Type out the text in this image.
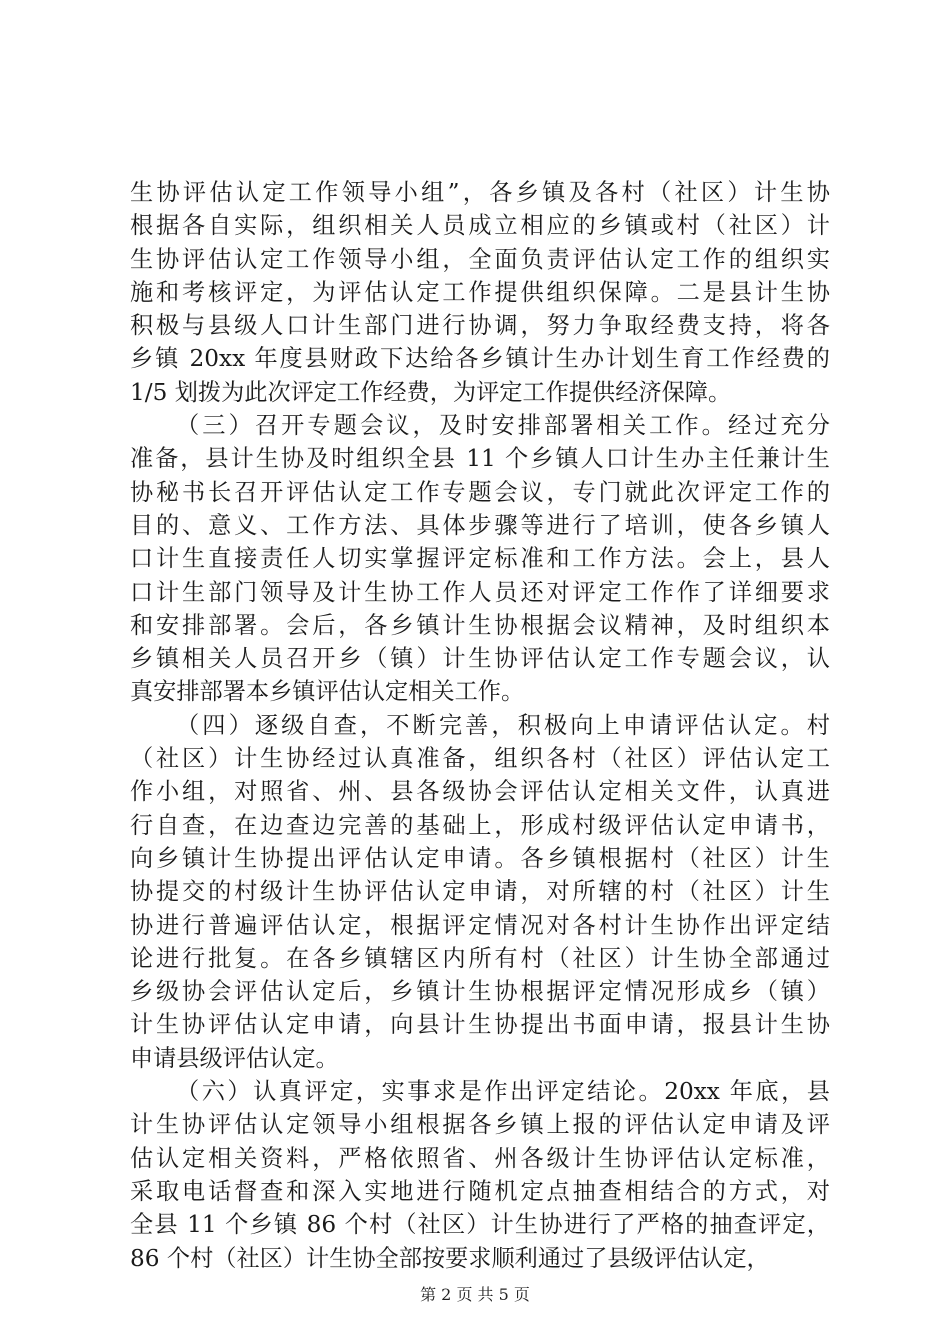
生协评估认定工作领导小组”，各乡镇及各村（社区）计生协
根据各自实际，组织相关人员成立相应的乡镇或村（社区）计
生协评估认定工作领导小组，全面负责评估认定工作的组织实
施和考核评定，为评估认定工作提供组织保障。二是县计生协
积极与县级人口计生部门进行协调，努力争取经费支持，将各
乡镇 20xx 年度县财政下达给各乡镇计生办计划生育工作经费的
1/5 划拨为此次评定工作经费，为评定工作提供经济保障。
（三）召开专题会议，及时安排部署相关工作。经过充分
准备，县计生协及时组织全县 11 个乡镇人口计生办主任兼计生
协秘书长召开评估认定工作专题会议，专门就此次评定工作的
目的、意义、工作方法、具体步骤等进行了培训，使各乡镇人
口计生直接责任人切实掌握评定标准和工作方法。会上，县人
口计生部门领导及计生协工作人员还对评定工作作了详细要求
和安排部署。会后，各乡镇计生协根据会议精神，及时组织本
乡镇相关人员召开乡（镇）计生协评估认定工作专题会议，认
真安排部署本乡镇评估认定相关工作。
（四）逐级自查，不断完善，积极向上申请评估认定。村
（社区）计生协经过认真准备，组织各村（社区）评估认定工
作小组，对照省、州、县各级协会评估认定相关文件，认真进
行自查，在边查边完善的基础上，形成村级评估认定申请书，
向乡镇计生协提出评估认定申请。各乡镇根据村（社区）计生
协提交的村级计生协评估认定申请，对所辖的村（社区）计生
协进行普遍评估认定，根据评定情况对各村计生协作出评定结
论进行批复。在各乡镇辖区内所有村（社区）计生协全部通过
乡级协会评估认定后，乡镇计生协根据评定情况形成乡（镇）
计生协评估认定申请，向县计生协提出书面申请，报县计生协
申请县级评估认定。
（六）认真评定，实事求是作出评定结论。20xx 年底，县
计生协评估认定领导小组根据各乡镇上报的评估认定申请及评
估认定相关资料，严格依照省、州各级计生协评估认定标准，
采取电话督查和深入实地进行随机定点抽查相结合的方式，对
全县 11 个乡镇 86 个村（社区）计生协进行了严格的抽查评定，
86 个村（社区）计生协全部按要求顺利通过了县级评估认定，
第 2 页 共 5 页
